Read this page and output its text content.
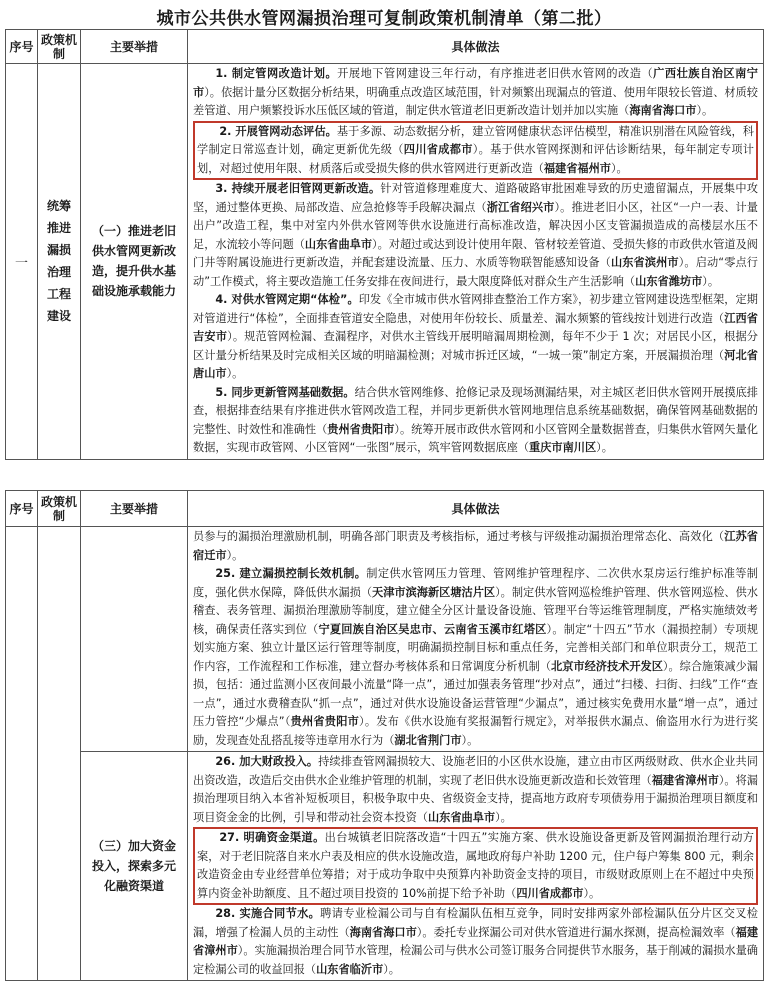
城市公共供水管网漏损治理可复制政策机制清单（第二批）
序号	政策机制	主要举措	具体做法
一	统筹推进漏损治理工程建设	（一）推进老旧供水管网更新改造，提升供水基础设施承载能力	1. 制定管网改造计划。开展地下管网建设三年行动，有序推进老旧供水管网的改造（广西壮族自治区南宁市）。依据计量分区数据分析结果，明确重点改造区域范围，针对频繁出现漏点的管道、使用年限较长管道、材质较差管道、用户频繁投诉水压低区域的管道，制定供水管道老旧更新改造计划并加以实施（海南省海口市）。

2. 开展管网动态评估。基于多源、动态数据分析，建立管网健康状态评估模型，精准识别潜在风险管线，科学制定日常巡查计划，确定更新优先级（四川省成都市）。基于供水管网探测和评估诊断结果，每年制定专项计划，对超过使用年限、材质落后或受损失修的供水管网进行更新改造（福建省福州市）。

3. 持续开展老旧管网更新改造。针对管道修理难度大、道路破路审批困难导致的历史遗留漏点，开展集中攻坚，通过整体更换、局部改造、应急抢修等手段解决漏点（浙江省绍兴市）。推进老旧小区，社区“一户一表、计量出户”改造工程，集中对室内外供水管网等供水设施进行高标准改造，解决因小区支管漏损造成的高楼层水压不足，水流较小等问题（山东省曲阜市）。对超过或达到设计使用年限、管材较差管道、受损失修的市政供水管道及阀门井等附属设施进行更新改造，并配套建设流量、压力、水质等物联智能感知设备（山东省滨州市）。启动“零点行动”工作模式，将主要改造施工任务安排在夜间进行，最大限度降低对群众生产生活影响（山东省潍坊市）。

4. 对供水管网定期“体检”。印发《全市城市供水管网排查整治工作方案》，初步建立管网建设选型框架，定期对管道进行“体检”，全面排查管道安全隐患，对使用年份较长、质量差、漏水频繁的管线按计划进行改造（江西省吉安市）。规范管网检漏、查漏程序，对供水主管线开展明暗漏周期检测，每年不少于 1 次；对居民小区，根据分区计量分析结果及时完成相关区域的明暗漏检测；对城市拆迁区域，“一城一策”制定方案，开展漏损治理（河北省唐山市）。

5. 同步更新管网基础数据。结合供水管网维修、抢修记录及现场测漏结果，对主城区老旧供水管网开展摸底排查，根据排查结果有序推进供水管网改造工程，并同步更新供水管网地理信息系统基础数据，确保管网基础数据的完整性、时效性和准确性（贵州省贵阳市）。统筹开展市政供水管网和小区管网全量数据普查，归集供水管网矢量化数据，实现市政管网、小区管网“一张图”展示，筑牢管网数据底座（重庆市南川区）。

序号	政策机制	主要举措	具体做法

			员参与的漏损治理激励机制，明确各部门职责及考核指标，通过考核与评级推动漏损治理常态化、高效化（江苏省宿迁市）。

25. 建立漏损控制长效机制。制定供水管网压力管理、管网维护管理程序、二次供水泵房运行维护标准等制度，强化供水保障，降低供水漏损（天津市滨海新区塘沽片区）。制定供水管网巡检维护管理、供水管网巡检、供水稽查、表务管理、漏损治理激励等制度，建立健全分区计量设备设施、管理平台等运维管理制度，严格实施绩效考核，确保责任落实到位（宁夏回族自治区吴忠市、云南省玉溪市红塔区）。制定“十四五”节水（漏损控制）专项规划实施方案、独立计量区运行管理等制度，明确漏损控制目标和重点任务，完善相关部门和单位职责分工，规范工作内容，工作流程和工作标准，建立督办考核体系和日常调度分析机制（北京市经济技术开发区）。综合施策减少漏损，包括：通过监测小区夜间最小流量“降一点”，通过加强表务管理“抄对点”，通过“扫楼、扫街、扫线”工作“查一点”，通过水费稽查队“抓一点”，通过对供水设施设备运营管理“少漏点”，通过核实免费用水量“增一点”，通过压力管控“少爆点”（贵州省贵阳市）。发布《供水设施有奖报漏暂行规定》，对举报供水漏点、偷盗用水行为进行奖励，发现查处乱搭乱接等违章用水行为（湖北省荆门市）。

		（三）加大资金投入，探索多元化融资渠道	26. 加大财政投入。持续排查管网漏损较大、设施老旧的小区供水设施，建立由市区两级财政、供水企业共同出资改造，改造后交由供水企业维护管理的机制，实现了老旧供水设施更新改造和长效管理（福建省漳州市）。将漏损治理项目纳入本省补短板项目，积极争取中央、省级资金支持，提高地方政府专项债券用于漏损治理项目额度和项目资金金的比例，引导和带动社会资本投资（山东省曲阜市）。

27. 明确资金渠道。出台城镇老旧院落改造“十四五”实施方案、供水设施设备更新及管网漏损治理行动方案，对于老旧院落自来水户表及相应的供水设施改造，属地政府每户补助 1200 元，住户每户筹集 800 元，剩余改造资金由专业经营单位筹措；对于成功争取中央预算内补助资金支持的项目，市级财政原则上在不超过中央预算内资金补助额度、且不超过项目投资的 10%前提下给予补助（四川省成都市）。

28. 实施合同节水。聘请专业检漏公司与自有检漏队伍相互竞争，同时安排两家外部检漏队伍分片区交叉检漏，增强了检漏人员的主动性（海南省海口市）。委托专业探漏公司对供水管道进行漏水探测，提高检漏效率（福建省漳州市）。实施漏损治理合同节水管理，检漏公司与供水公司签订服务合同提供节水服务，基于削减的漏损水量确定检漏公司的收益回报（山东省临沂市）。
